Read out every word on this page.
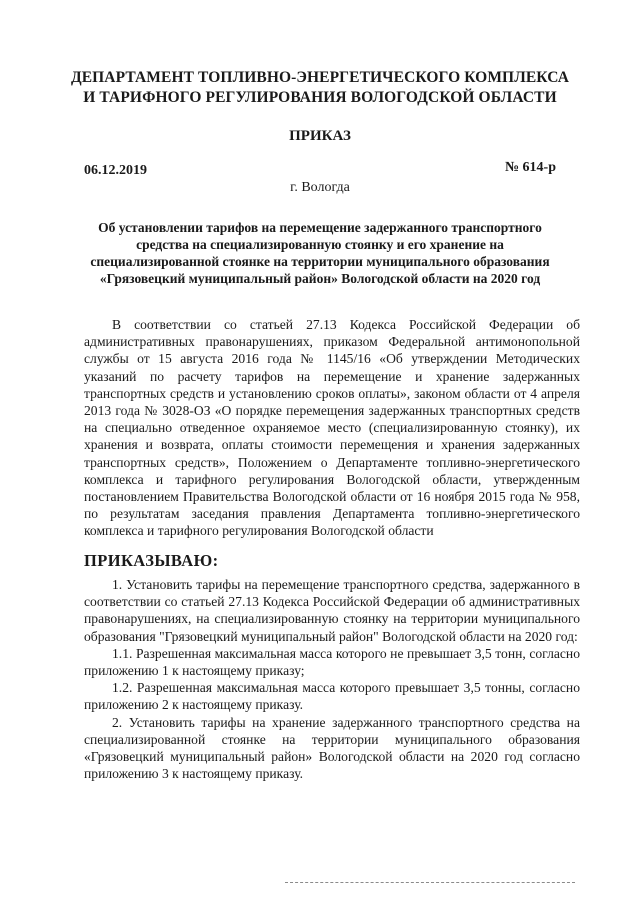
ДЕПАРТАМЕНТ ТОПЛИВНО-ЭНЕРГЕТИЧЕСКОГО КОМПЛЕКСА
И ТАРИФНОГО РЕГУЛИРОВАНИЯ ВОЛОГОДСКОЙ ОБЛАСТИ
ПРИКАЗ
06.12.2019	№ 614-р
г. Вологда
Об установлении тарифов на перемещение задержанного транспортного средства на специализированную стоянку и его хранение на специализированной стоянке на территории муниципального образования «Грязовецкий муниципальный район» Вологодской области на 2020 год

В соответствии со статьей 27.13 Кодекса Российской Федерации об административных правонарушениях, приказом Федеральной антимонопольной службы от 15 августа 2016 года № 1145/16 «Об утверждении Методических указаний по расчету тарифов на перемещение и хранение задержанных транспортных средств и установлению сроков оплаты», законом области от 4 апреля 2013 года № 3028-ОЗ «О порядке перемещения задержанных транспортных средств на специально отведенное охраняемое место (специализированную стоянку), их хранения и возврата, оплаты стоимости перемещения и хранения задержанных транспортных средств», Положением о Департаменте топливно-энергетического комплекса и тарифного регулирования Вологодской области, утвержденным постановлением Правительства Вологодской области от 16 ноября 2015 года № 958, по результатам заседания правления Департамента топливно-энергетического комплекса и тарифного регулирования Вологодской области

ПРИКАЗЫВАЮ:

1. Установить тарифы на перемещение транспортного средства, задержанного в соответствии со статьей 27.13 Кодекса Российской Федерации об административных правонарушениях, на специализированную стоянку на территории муниципального образования "Грязовецкий муниципальный район" Вологодской области на 2020 год:

1.1. Разрешенная максимальная масса которого не превышает 3,5 тонн, согласно приложению 1 к настоящему приказу;

1.2. Разрешенная максимальная масса которого превышает 3,5 тонны, согласно приложению 2 к настоящему приказу.

2. Установить тарифы на хранение задержанного транспортного средства на специализированной стоянке на территории муниципального образования «Грязовецкий муниципальный район» Вологодской области на 2020 год согласно приложению 3 к настоящему приказу.
